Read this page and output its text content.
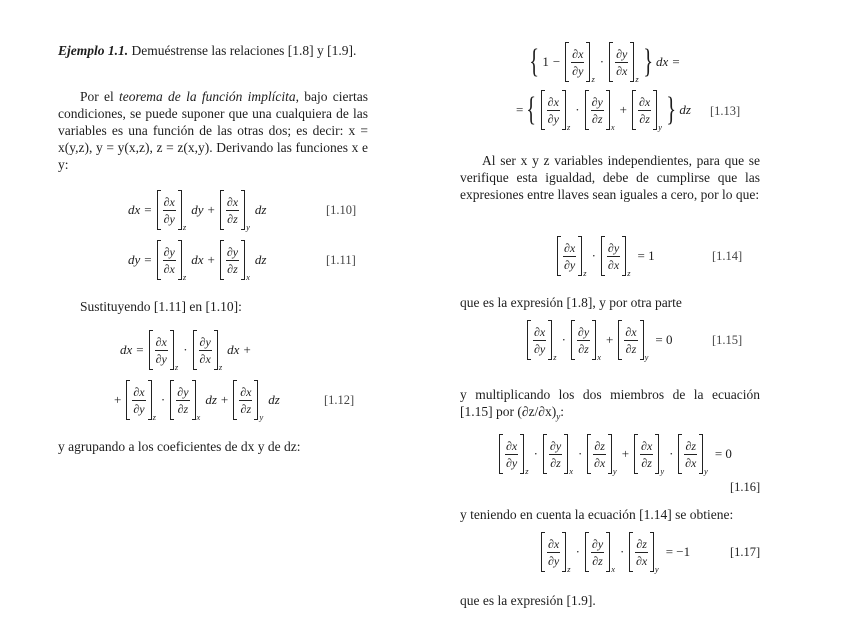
Ejemplo 1.1. Demuéstrense las relaciones [1.8] y [1.9].
Por el teorema de la función implícita, bajo ciertas condiciones, se puede suponer que una cualquiera de las variables es una función de las otras dos; es decir: x = x(y,z), y = y(x,z), z = z(x,y). Derivando las funciones x e y:
dx = $\frac{\partial x}{\partial y}$
z
dy + $\frac{\partial x}{\partial z}$
y
dz	[1.10]
dy = $\frac{\partial y}{\partial x}$
z
dx + $\frac{\partial y}{\partial z}$
x
dz	[1.11]
Sustituyendo [1.11] en [1.10]:
dx = $\frac{\partial x}{\partial y}$
z
· $\frac{\partial y}{\partial x}$
z
dx +
+ $\frac{\partial x}{\partial y}$
z
· $\frac{\partial y}{\partial z}$
x
dz + $\frac{\partial x}{\partial z}$
y
dz	[1.12]
y agrupando a los coeficientes de dx y de dz:
{ $1 - \frac{\partial x}{\partial y}$
z
· $\frac{\partial y}{\partial x}$
z } dx =
= { $\frac{\partial x}{\partial y}$
z
· $\frac{\partial y}{\partial z}$
x
+ $\frac{\partial x}{\partial z}$
y } dz [1.13]
Al ser x y z variables independientes, para que se verifique esta igualdad, debe de cumplirse que las expresiones entre llaves sean iguales a cero, por lo que:
$\frac{\partial x}{\partial y}$
z
· $\frac{\partial y}{\partial x}$
z
= 1	[1.14]
que es la expresión [1.8], y por otra parte
$\frac{\partial x}{\partial y}$
z
· $\frac{\partial y}{\partial z}$
x
+ $\frac{\partial x}{\partial z}$
y
= 0	[1.15]
y multiplicando los dos miembros de la ecuación [1.15] por $(\partial z/\partial x)_y$:
$\frac{\partial x}{\partial y}$
z
· $\frac{\partial y}{\partial z}$
x
· $\frac{\partial z}{\partial x}$
y
+ $\frac{\partial x}{\partial z}$
y
· $\frac{\partial z}{\partial x}$
y
= 0
[1.16]
y teniendo en cuenta la ecuación [1.14] se obtiene:
$\frac{\partial x}{\partial y}$
z
· $\frac{\partial y}{\partial z}$
x
· $\frac{\partial z}{\partial x}$
y
= −1	[1.17]
que es la expresión [1.9].
